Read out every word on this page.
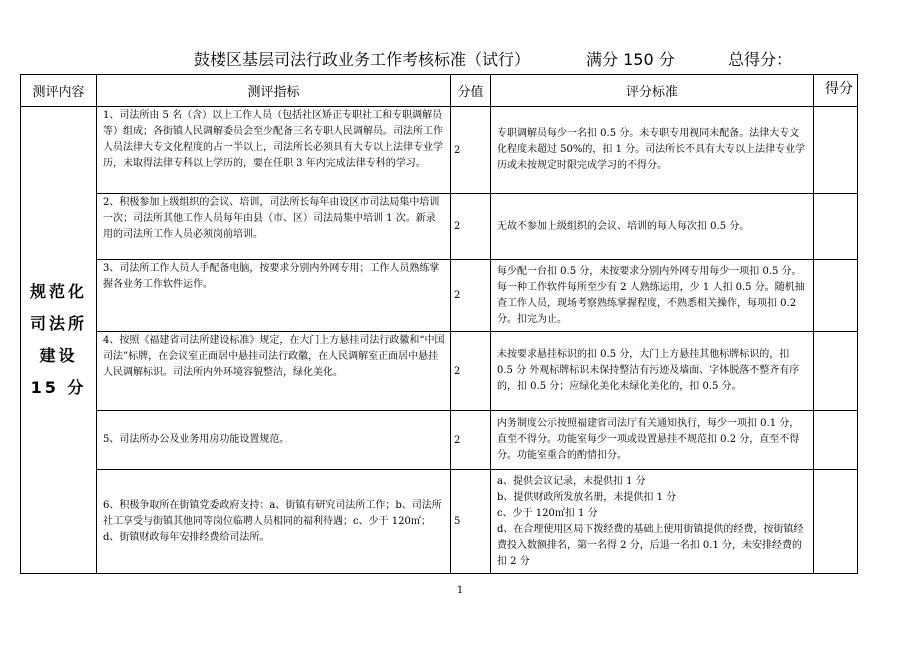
鼓楼区基层司法行政业务工作考核标准（试行）	满分 150 分	总得分：
测评内容	测评指标	分值	评分标准	得分

规范化
司法所
建设
15 分	1、司法所由 5 名（含）以上工作人员（包括社区矫正专职社工和专职调解员等）组成；各街镇人民调解委员会至少配备三名专职人民调解员。司法所工作人员法律大专文化程度的占一半以上，司法所长必须具有大专以上法律专业学历，未取得法律专科以上学历的，要在任职 3 年内完成法律专科的学习。	2	专职调解员每少一名扣 0.5 分。未专职专用视同未配备。法律大专文化程度未超过 50%的，扣 1 分。司法所长不具有大专以上法律专业学历或未按规定时限完成学习的不得分。	

	2、积极参加上级组织的会议、培训，司法所长每年由设区市司法局集中培训一次；司法所其他工作人员每年由县（市、区）司法局集中培训 1 次。新录用的司法所工作人员必须岗前培训。	2	无故不参加上级组织的会议、培训的每人每次扣 0.5 分。	

	3、司法所工作人员人手配备电脑，按要求分别内外网专用；工作人员熟练掌握各业务工作软件运作。	2	每少配一台扣 0.5 分，未按要求分别内外网专用每少一项扣 0.5 分。每一种工作软件每所至少有 2 人熟练运用，少 1 人扣 0.5 分。随机抽查工作人员，现场考察熟练掌握程度，不熟悉相关操作，每项扣 0.2 分。扣完为止。	

	4、按照《福建省司法所建设标准》规定，在大门上方悬挂司法行政徽和“中国司法”标牌，在会议室正面居中悬挂司法行政徽，在人民调解室正面居中悬挂人民调解标识。司法所内外环境容貌整洁，绿化美化。	2	未按要求悬挂标识的扣 0.5 分，大门上方悬挂其他标牌标识的，扣 0.5 分 外观标牌标识未保持整洁有污迹及墙面、字体脱落不整齐有序的，扣 0.5 分；应绿化美化未绿化美化的，扣 0.5 分。	

	5、司法所办公及业务用房功能设置规范。	2	内务制度公示按照福建省司法厅有关通知执行，每少一项扣 0.1 分，直至不得分。功能室每少一项或设置悬挂不规范扣 0.2 分，直至不得分。功能室重合的酌情扣分。	

	6、积极争取所在街镇党委政府支持：a、街镇有研究司法所工作；b、司法所社工享受与街镇其他同等岗位临聘人员相同的福利待遇；c、少于 120㎡；d、街镇财政每年安排经费给司法所。	5	a、提供会议记录，未提供扣 1 分
b、提供财政所发放名册，未提供扣 1 分
c、少于 120㎡扣 1 分
d、在合理使用区局下拨经费的基础上使用街镇提供的经费，按街镇经费投入数额排名，第一名得 2 分，后退一名扣 0.1 分，未安排经费的扣 2 分	

1
